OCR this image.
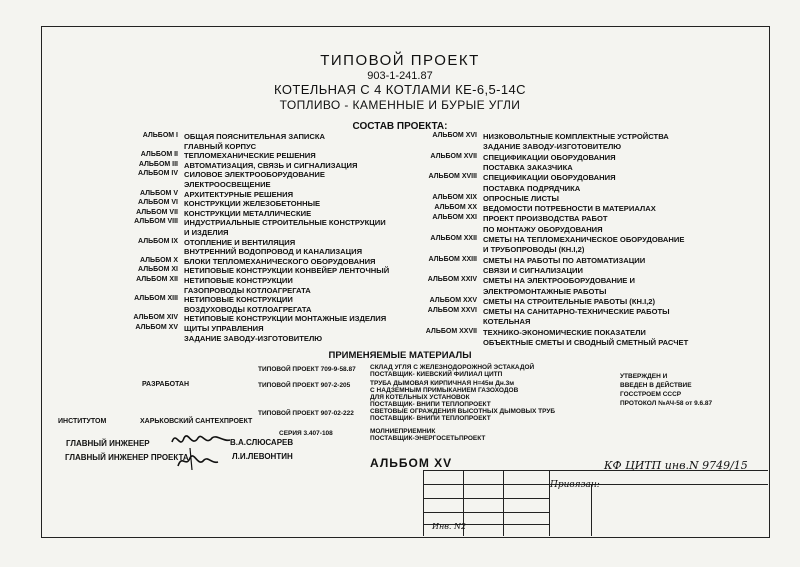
ТИПОВОЙ ПРОЕКТ
903-1-241.87
КОТЕЛЬНАЯ С 4 КОТЛАМИ КЕ-6,5-14С
ТОПЛИВО - КАМЕННЫЕ И БУРЫЕ УГЛИ
СОСТАВ ПРОЕКТА:
АЛЬБОМ I ОБЩАЯ ПОЯСНИТЕЛЬНАЯ ЗАПИСКА
ГЛАВНЫЙ КОРПУС
АЛЬБОМ II ТЕПЛОМЕХАНИЧЕСКИЕ РЕШЕНИЯ
АЛЬБОМ III АВТОМАТИЗАЦИЯ, СВЯЗЬ И СИГНАЛИЗАЦИЯ
АЛЬБОМ IV СИЛОВОЕ ЭЛЕКТРООБОРУДОВАНИЕ
ЭЛЕКТРООСВЕЩЕНИЕ
АЛЬБОМ V АРХИТЕКТУРНЫЕ РЕШЕНИЯ
АЛЬБОМ VI КОНСТРУКЦИИ ЖЕЛЕЗОБЕТОННЫЕ
АЛЬБОМ VII КОНСТРУКЦИИ МЕТАЛЛИЧЕСКИЕ
АЛЬБОМ VIII ИНДУСТРИАЛЬНЫЕ СТРОИТЕЛЬНЫЕ КОНСТРУКЦИИ
И ИЗДЕЛИЯ
АЛЬБОМ IX ОТОПЛЕНИЕ И ВЕНТИЛЯЦИЯ
ВНУТРЕННИЙ ВОДОПРОВОД И КАНАЛИЗАЦИЯ
АЛЬБОМ X БЛОКИ ТЕПЛОМЕХАНИЧЕСКОГО ОБОРУДОВАНИЯ
АЛЬБОМ XI НЕТИПОВЫЕ КОНСТРУКЦИИ КОНВЕЙЕР ЛЕНТОЧНЫЙ
АЛЬБОМ XII НЕТИПОВЫЕ КОНСТРУКЦИИ
ГАЗОПРОВОДЫ КОТЛОАГРЕГАТА
АЛЬБОМ XIII НЕТИПОВЫЕ КОНСТРУКЦИИ
ВОЗДУХОВОДЫ КОТЛОАГРЕГАТА
АЛЬБОМ XIV НЕТИПОВЫЕ КОНСТРУКЦИИ МОНТАЖНЫЕ ИЗДЕЛИЯ
АЛЬБОМ XV ЩИТЫ УПРАВЛЕНИЯ
ЗАДАНИЕ ЗАВОДУ-ИЗГОТОВИТЕЛЮ
АЛЬБОМ XVI НИЗКОВОЛЬТНЫЕ КОМПЛЕКТНЫЕ УСТРОЙСТВА
ЗАДАНИЕ ЗАВОДУ-ИЗГОТОВИТЕЛЮ
АЛЬБОМ XVII СПЕЦИФИКАЦИИ ОБОРУДОВАНИЯ
ПОСТАВКА ЗАКАЗЧИКА
АЛЬБОМ XVIII СПЕЦИФИКАЦИИ ОБОРУДОВАНИЯ
ПОСТАВКА ПОДРЯДЧИКА
АЛЬБОМ XIX ОПРОСНЫЕ ЛИСТЫ
АЛЬБОМ XX ВЕДОМОСТИ ПОТРЕБНОСТИ В МАТЕРИАЛАХ
АЛЬБОМ XXI ПРОЕКТ ПРОИЗВОДСТВА РАБОТ
ПО МОНТАЖУ ОБОРУДОВАНИЯ
АЛЬБОМ XXII СМЕТЫ НА ТЕПЛОМЕХАНИЧЕСКОЕ ОБОРУДОВАНИЕ
И ТРУБОПРОВОДЫ (КН.I,2)
АЛЬБОМ XXIII СМЕТЫ НА РАБОТЫ ПО АВТОМАТИЗАЦИИ
СВЯЗИ И СИГНАЛИЗАЦИИ
АЛЬБОМ XXIV СМЕТЫ НА ЭЛЕКТРООБОРУДОВАНИЕ И
ЭЛЕКТРОМОНТАЖНЫЕ РАБОТЫ
АЛЬБОМ XXV СМЕТЫ НА СТРОИТЕЛЬНЫЕ РАБОТЫ (КН.I,2)
АЛЬБОМ XXVI СМЕТЫ НА САНИТАРНО-ТЕХНИЧЕСКИЕ РАБОТЫ
КОТЕЛЬНАЯ
АЛЬБОМ XXVII ТЕХНИКО-ЭКОНОМИЧЕСКИЕ ПОКАЗАТЕЛИ
ОБЪЕКТНЫЕ СМЕТЫ И СВОДНЫЙ СМЕТНЫЙ РАСЧЕТ
ПРИМЕНЯЕМЫЕ МАТЕРИАЛЫ
РАЗРАБОТАН
ИНСТИТУТОМ	ХАРЬКОВСКИЙ САНТЕХПРОЕКТ
ГЛАВНЫЙ ИНЖЕНЕР	В.А.СЛЮСАРЕВ
ГЛАВНЫЙ ИНЖЕНЕР ПРОЕКТА	Л.И.ЛЕВОНТИН
ТИПОВОЙ ПРОЕКТ 709-9-58.87 СКЛАД УГЛЯ С ЖЕЛЕЗНОДОРОЖНОЙ ЭСТАКАДОЙ
ПОСТАВЩИК- КИЕВСКИЙ ФИЛИАЛ ЦИТП
ТИПОВОЙ ПРОЕКТ 907-2-205	ТРУБА ДЫМОВАЯ КИРПИЧНАЯ Н=45м Дн.3м
С НАДЗЕМНЫМ ПРИМЫКАНИЕМ ГАЗОХОДОВ
ДЛЯ КОТЕЛЬНЫХ УСТАНОВОК
ПОСТАВЩИК- ВНИПИ ТЕПЛОПРОЕКТ
ТИПОВОЙ ПРОЕКТ 907-02-222 СВЕТОВЫЕ ОГРАЖДЕНИЯ ВЫСОТНЫХ ДЫМОВЫХ ТРУБ
ПОСТАВЩИК- ВНИПИ ТЕПЛОПРОЕКТ
СЕРИЯ 3.407-108	МОЛНИЕПРИЕМНИК
ПОСТАВЩИК-ЭНЕРГОСЕТЬПРОЕКТ
УТВЕРЖДЕН И
ВВЕДЕН В ДЕЙСТВИЕ
ГОССТРОЕМ СССР
ПРОТОКОЛ №АЧ-58 от 9.6.87
АЛЬБОМ XV	КФ ЦИТП инв.N 9749/15
Привязан:
Инв. N2
